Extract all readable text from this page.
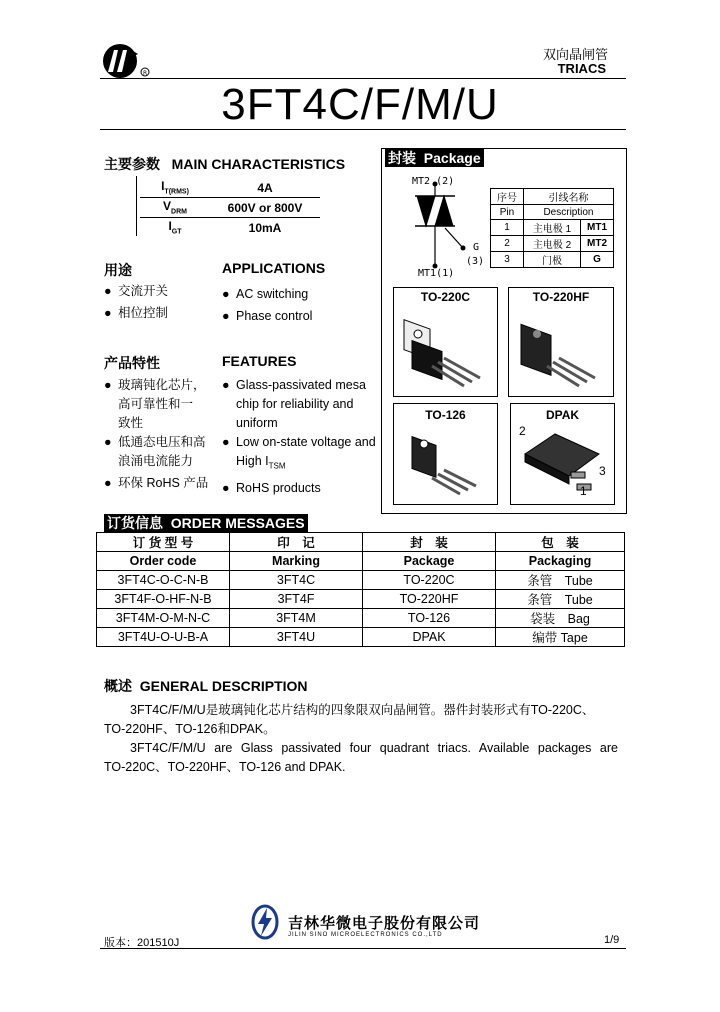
R
双向晶闸管
TRIACS
3FT4C/F/M/U
主要参数 MAIN CHARACTERISTICS
$I_{T(RMS)}$	4A
$V_{DRM}$	600V or 800V
$I_{GT}$	10mA
封装 Package
MT2 (2)
G
(3)
MT1(1)
序号	引线名称	
Pin	Description	
1	主电极 1	MT1
2	主电极 2	MT2
3	门极	G
TO-220C	TO-220HF
TO-126	DPAK
2
3
1
用途	APPLICATIONS
● 交流开关
● 相位控制
● AC switching
● Phase control
产品特性	FEATURES
● 玻璃钝化芯片，
高可靠性和一
致性
● 低通态电压和高
浪涌电流能力
● 环保 RoHS 产品
● Glass-passivated mesa
chip for reliability and
uniform
● Low on-state voltage and
High $I_{TSM}$
● RoHS products
订货信息 ORDER MESSAGES
订 货 型 号	印　记	封　装	包　装
Order code	Marking	Package	Packaging
3FT4C-O-C-N-B	3FT4C	TO-220C	条管　Tube
3FT4F-O-HF-N-B	3FT4F	TO-220HF	条管　Tube
3FT4M-O-M-N-C	3FT4M	TO-126	袋装　Bag
3FT4U-O-U-B-A	3FT4U	DPAK	编带 Tape
概述 GENERAL DESCRIPTION
3FT4C/F/M/U是玻璃钝化芯片结构的四象限双向晶闸管。器件封装形式有TO-220C、
TO-220HF、TO-126和DPAK。
3FT4C/F/M/U are Glass passivated four quadrant triacs. Available packages are
TO-220C、TO-220HF、TO-126 and DPAK.
版本：201510J
吉林华微电子股份有限公司
JILIN SINO MICROELECTRONICS CO.,LTD	1/9
